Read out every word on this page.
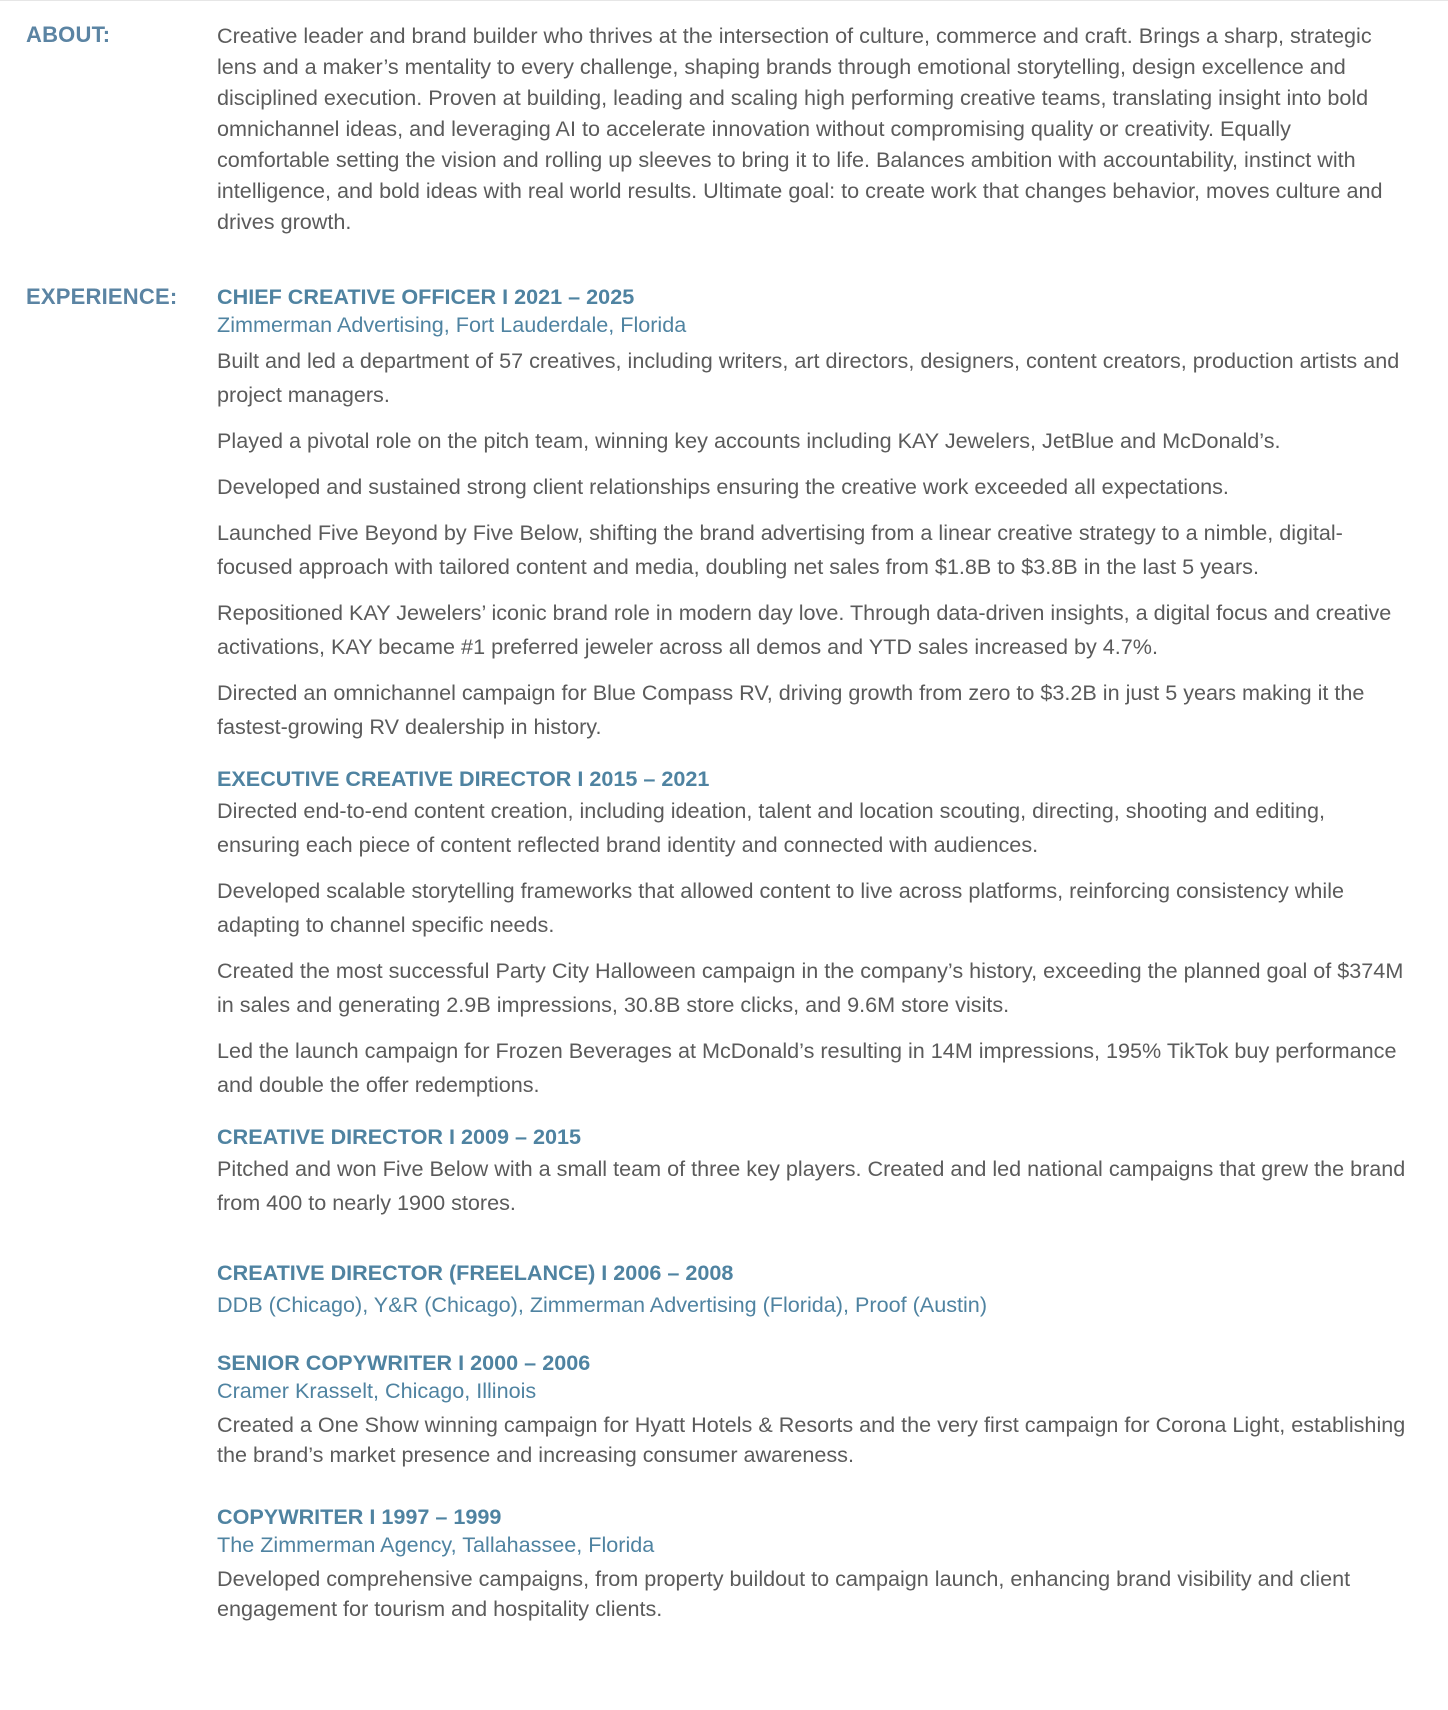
ABOUT:	Creative leader and brand builder who thrives at the intersection of culture, commerce and craft. Brings a sharp, strategic lens and a maker’s mentality to every challenge, shaping brands through emotional storytelling, design excellence and disciplined execution. Proven at building, leading and scaling high performing creative teams, translating insight into bold omnichannel ideas, and leveraging AI to accelerate innovation without compromising quality or creativity. Equally comfortable setting the vision and rolling up sleeves to bring it to life. Balances ambition with accountability, instinct with intelligence, and bold ideas with real world results. Ultimate goal: to create work that changes behavior, moves culture and drives growth.

EXPERIENCE:	CHIEF CREATIVE OFFICER I 2021 – 2025

Zimmerman Advertising, Fort Lauderdale, Florida

Built and led a department of 57 creatives, including writers, art directors, designers, content creators, production artists and project managers.

Played a pivotal role on the pitch team, winning key accounts including KAY Jewelers, JetBlue and McDonald’s.

Developed and sustained strong client relationships ensuring the creative work exceeded all expectations.

Launched Five Beyond by Five Below, shifting the brand advertising from a linear creative strategy to a nimble, digital-focused approach with tailored content and media, doubling net sales from $1.8B to $3.8B in the last 5 years.

Repositioned KAY Jewelers’ iconic brand role in modern day love. Through data-driven insights, a digital focus and creative activations, KAY became #1 preferred jeweler across all demos and YTD sales increased by 4.7%.

Directed an omnichannel campaign for Blue Compass RV, driving growth from zero to $3.2B in just 5 years making it the fastest-growing RV dealership in history.

EXECUTIVE CREATIVE DIRECTOR I 2015 – 2021

Directed end-to-end content creation, including ideation, talent and location scouting, directing, shooting and editing, ensuring each piece of content reflected brand identity and connected with audiences.

Developed scalable storytelling frameworks that allowed content to live across platforms, reinforcing consistency while adapting to channel specific needs.

Created the most successful Party City Halloween campaign in the company’s history, exceeding the planned goal of $374M in sales and generating 2.9B impressions, 30.8B store clicks, and 9.6M store visits.

Led the launch campaign for Frozen Beverages at McDonald’s resulting in 14M impressions, 195% TikTok buy performance and double the offer redemptions.

CREATIVE DIRECTOR I 2009 – 2015

Pitched and won Five Below with a small team of three key players. Created and led national campaigns that grew the brand from 400 to nearly 1900 stores.

CREATIVE DIRECTOR (FREELANCE) I 2006 – 2008

DDB (Chicago), Y&R (Chicago), Zimmerman Advertising (Florida), Proof (Austin)

SENIOR COPYWRITER I 2000 – 2006

Cramer Krasselt, Chicago, Illinois

Created a One Show winning campaign for Hyatt Hotels & Resorts and the very first campaign for Corona Light, establishing the brand’s market presence and increasing consumer awareness.

COPYWRITER I 1997 – 1999

The Zimmerman Agency, Tallahassee, Florida

Developed comprehensive campaigns, from property buildout to campaign launch, enhancing brand visibility and client engagement for tourism and hospitality clients.
